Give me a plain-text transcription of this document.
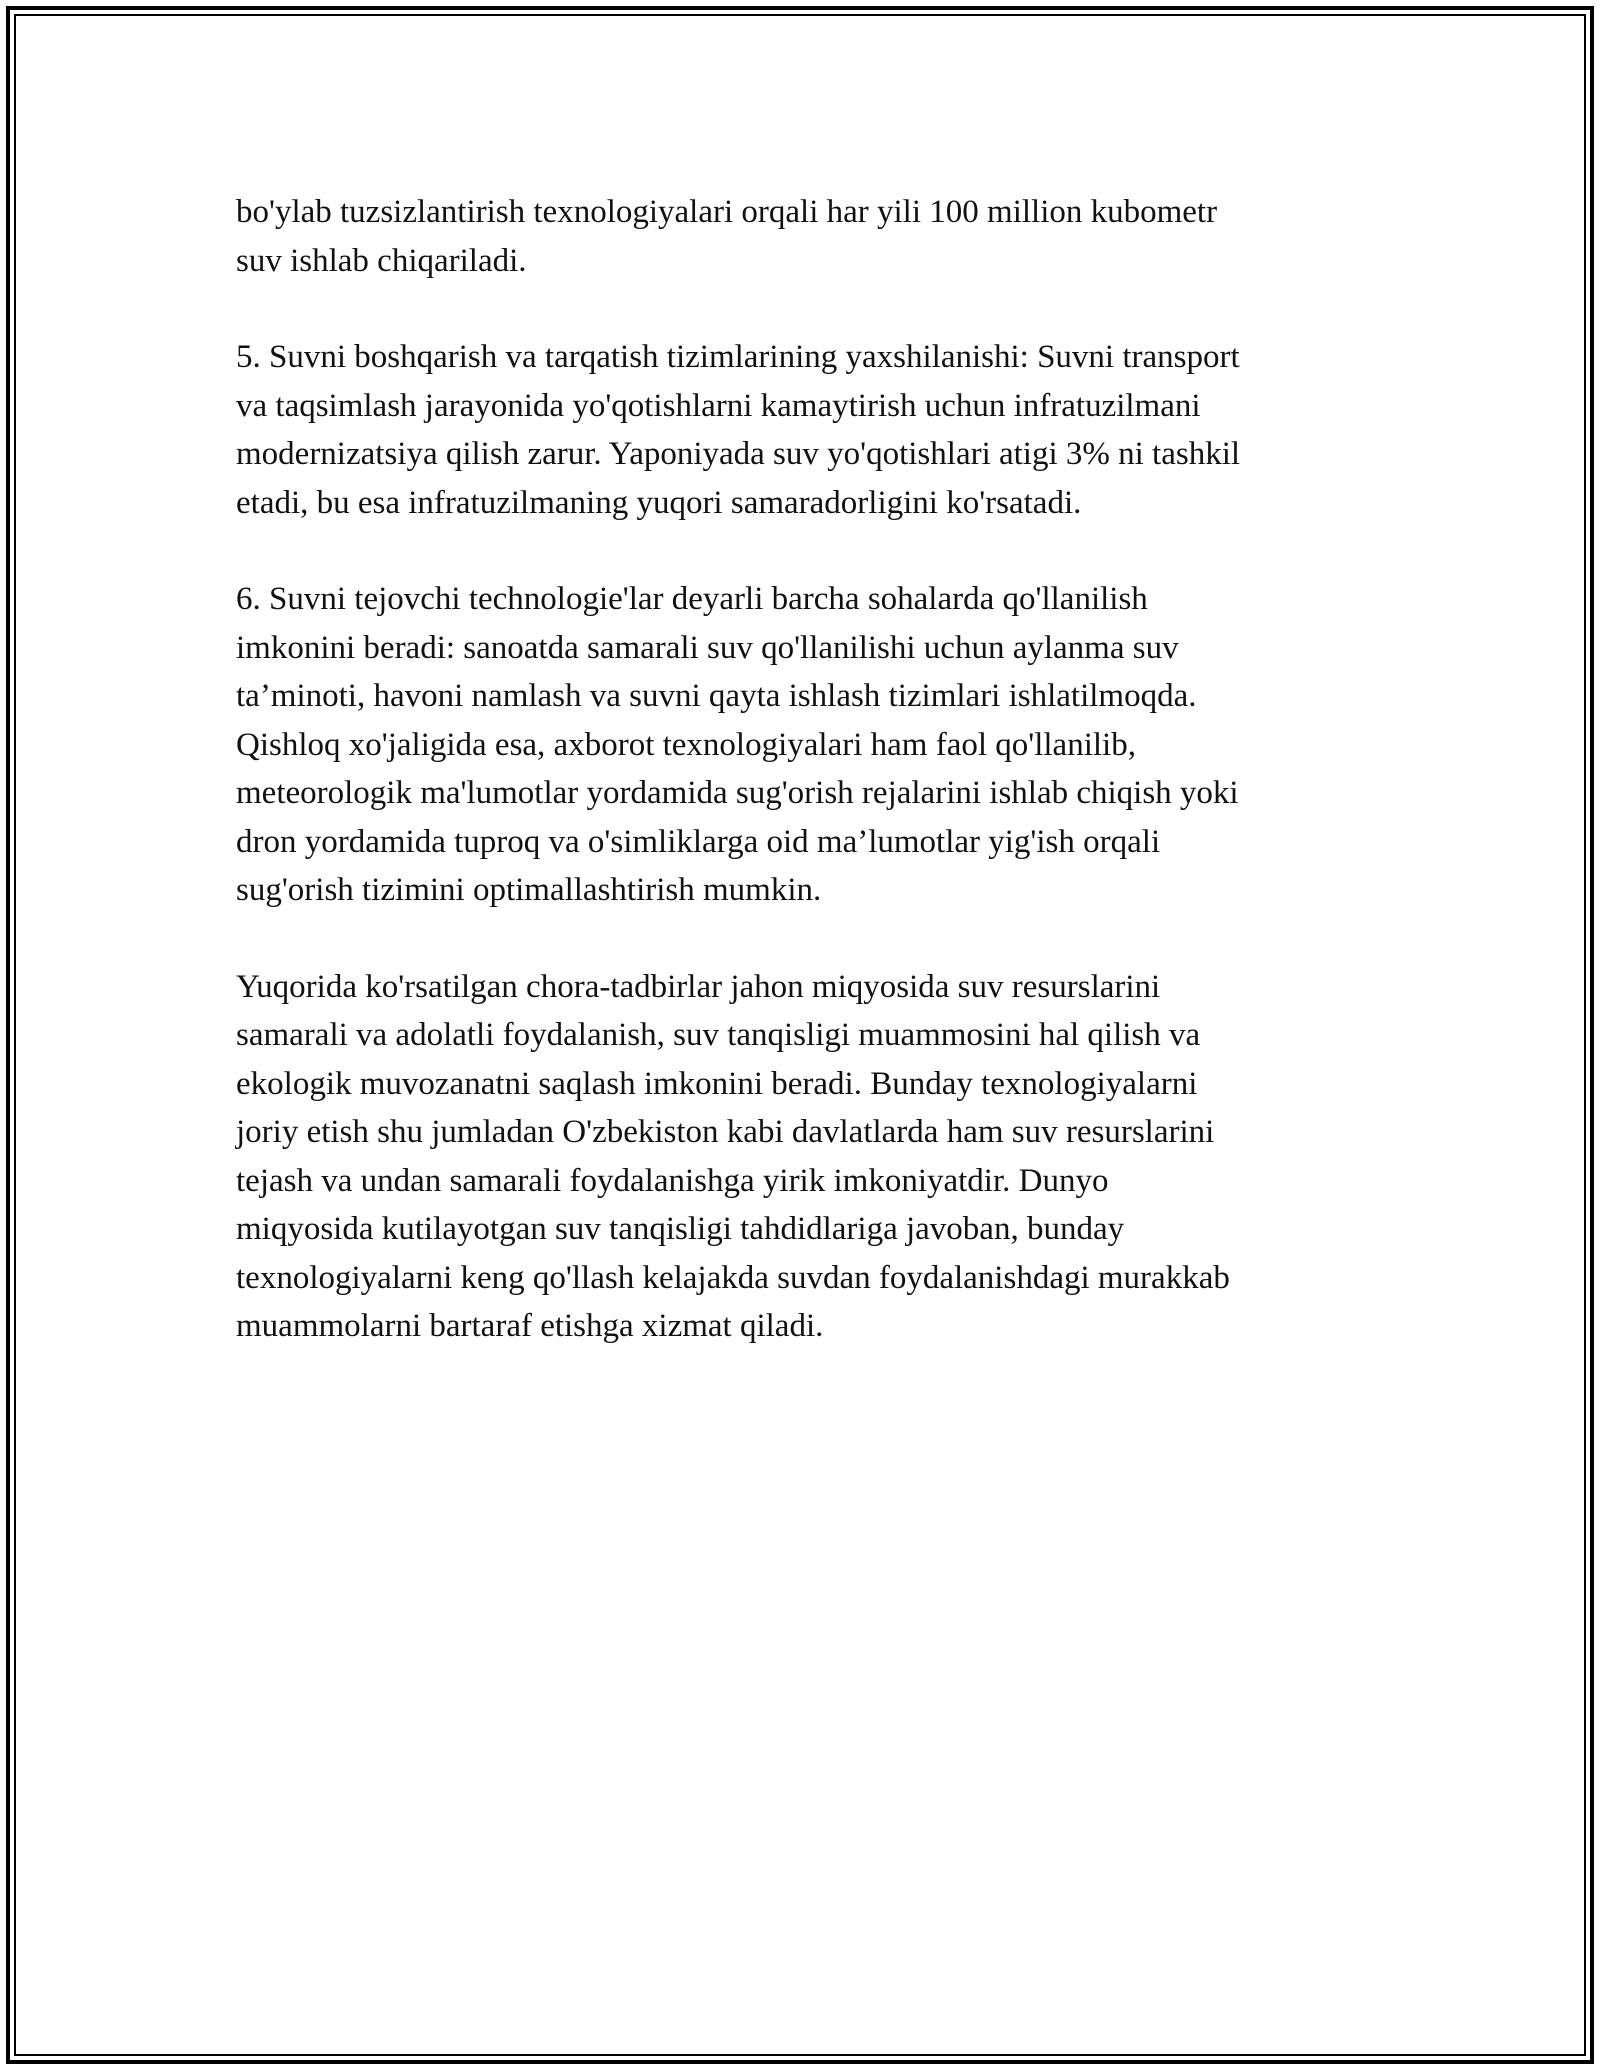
bo'ylab tuzsizlantirish texnologiyalari orqali har yili 100 million kubometr
suv ishlab chiqariladi.

5. Suvni boshqarish va tarqatish tizimlarining yaxshilanishi: Suvni transport
va taqsimlash jarayonida yo'qotishlarni kamaytirish uchun infratuzilmani
modernizatsiya qilish zarur. Yaponiyada suv yo'qotishlari atigi 3% ni tashkil
etadi, bu esa infratuzilmaning yuqori samaradorligini ko'rsatadi.

6. Suvni tejovchi technologie'lar deyarli barcha sohalarda qo'llanilish
imkonini beradi: sanoatda samarali suv qo'llanilishi uchun aylanma suv
ta’minoti, havoni namlash va suvni qayta ishlash tizimlari ishlatilmoqda.
Qishloq xo'jaligida esa, axborot texnologiyalari ham faol qo'llanilib,
meteorologik ma'lumotlar yordamida sug'orish rejalarini ishlab chiqish yoki
dron yordamida tuproq va o'simliklarga oid ma’lumotlar yig'ish orqali
sug'orish tizimini optimallashtirish mumkin.

Yuqorida ko'rsatilgan chora-tadbirlar jahon miqyosida suv resurslarini
samarali va adolatli foydalanish, suv tanqisligi muammosini hal qilish va
ekologik muvozanatni saqlash imkonini beradi. Bunday texnologiyalarni
joriy etish shu jumladan O'zbekiston kabi davlatlarda ham suv resurslarini
tejash va undan samarali foydalanishga yirik imkoniyatdir. Dunyo
miqyosida kutilayotgan suv tanqisligi tahdidlariga javoban, bunday
texnologiyalarni keng qo'llash kelajakda suvdan foydalanishdagi murakkab
muammolarni bartaraf etishga xizmat qiladi.
